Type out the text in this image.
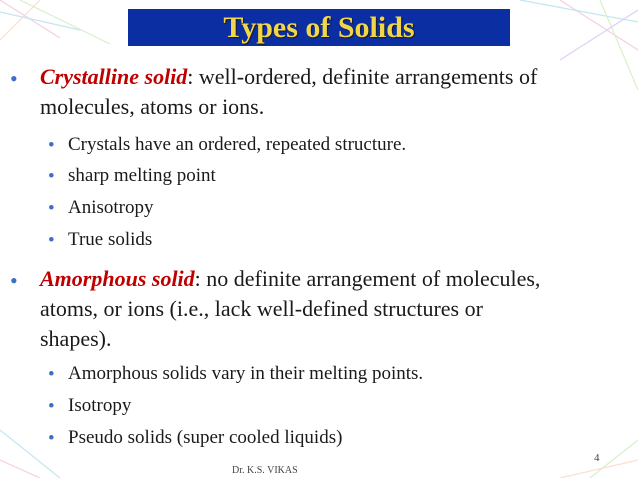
Types of Solids
• Crystalline solid: well-ordered, definite arrangements of
molecules, atoms or ions.
• Crystals have an ordered, repeated structure.
• sharp melting point
• Anisotropy
• True solids
• Amorphous solid: no definite arrangement of molecules,
atoms, or ions (i.e., lack well-defined structures or
shapes).
• Amorphous solids vary in their melting points.
• Isotropy
• Pseudo solids (super cooled liquids)
4
Dr. K.S. VIKAS
